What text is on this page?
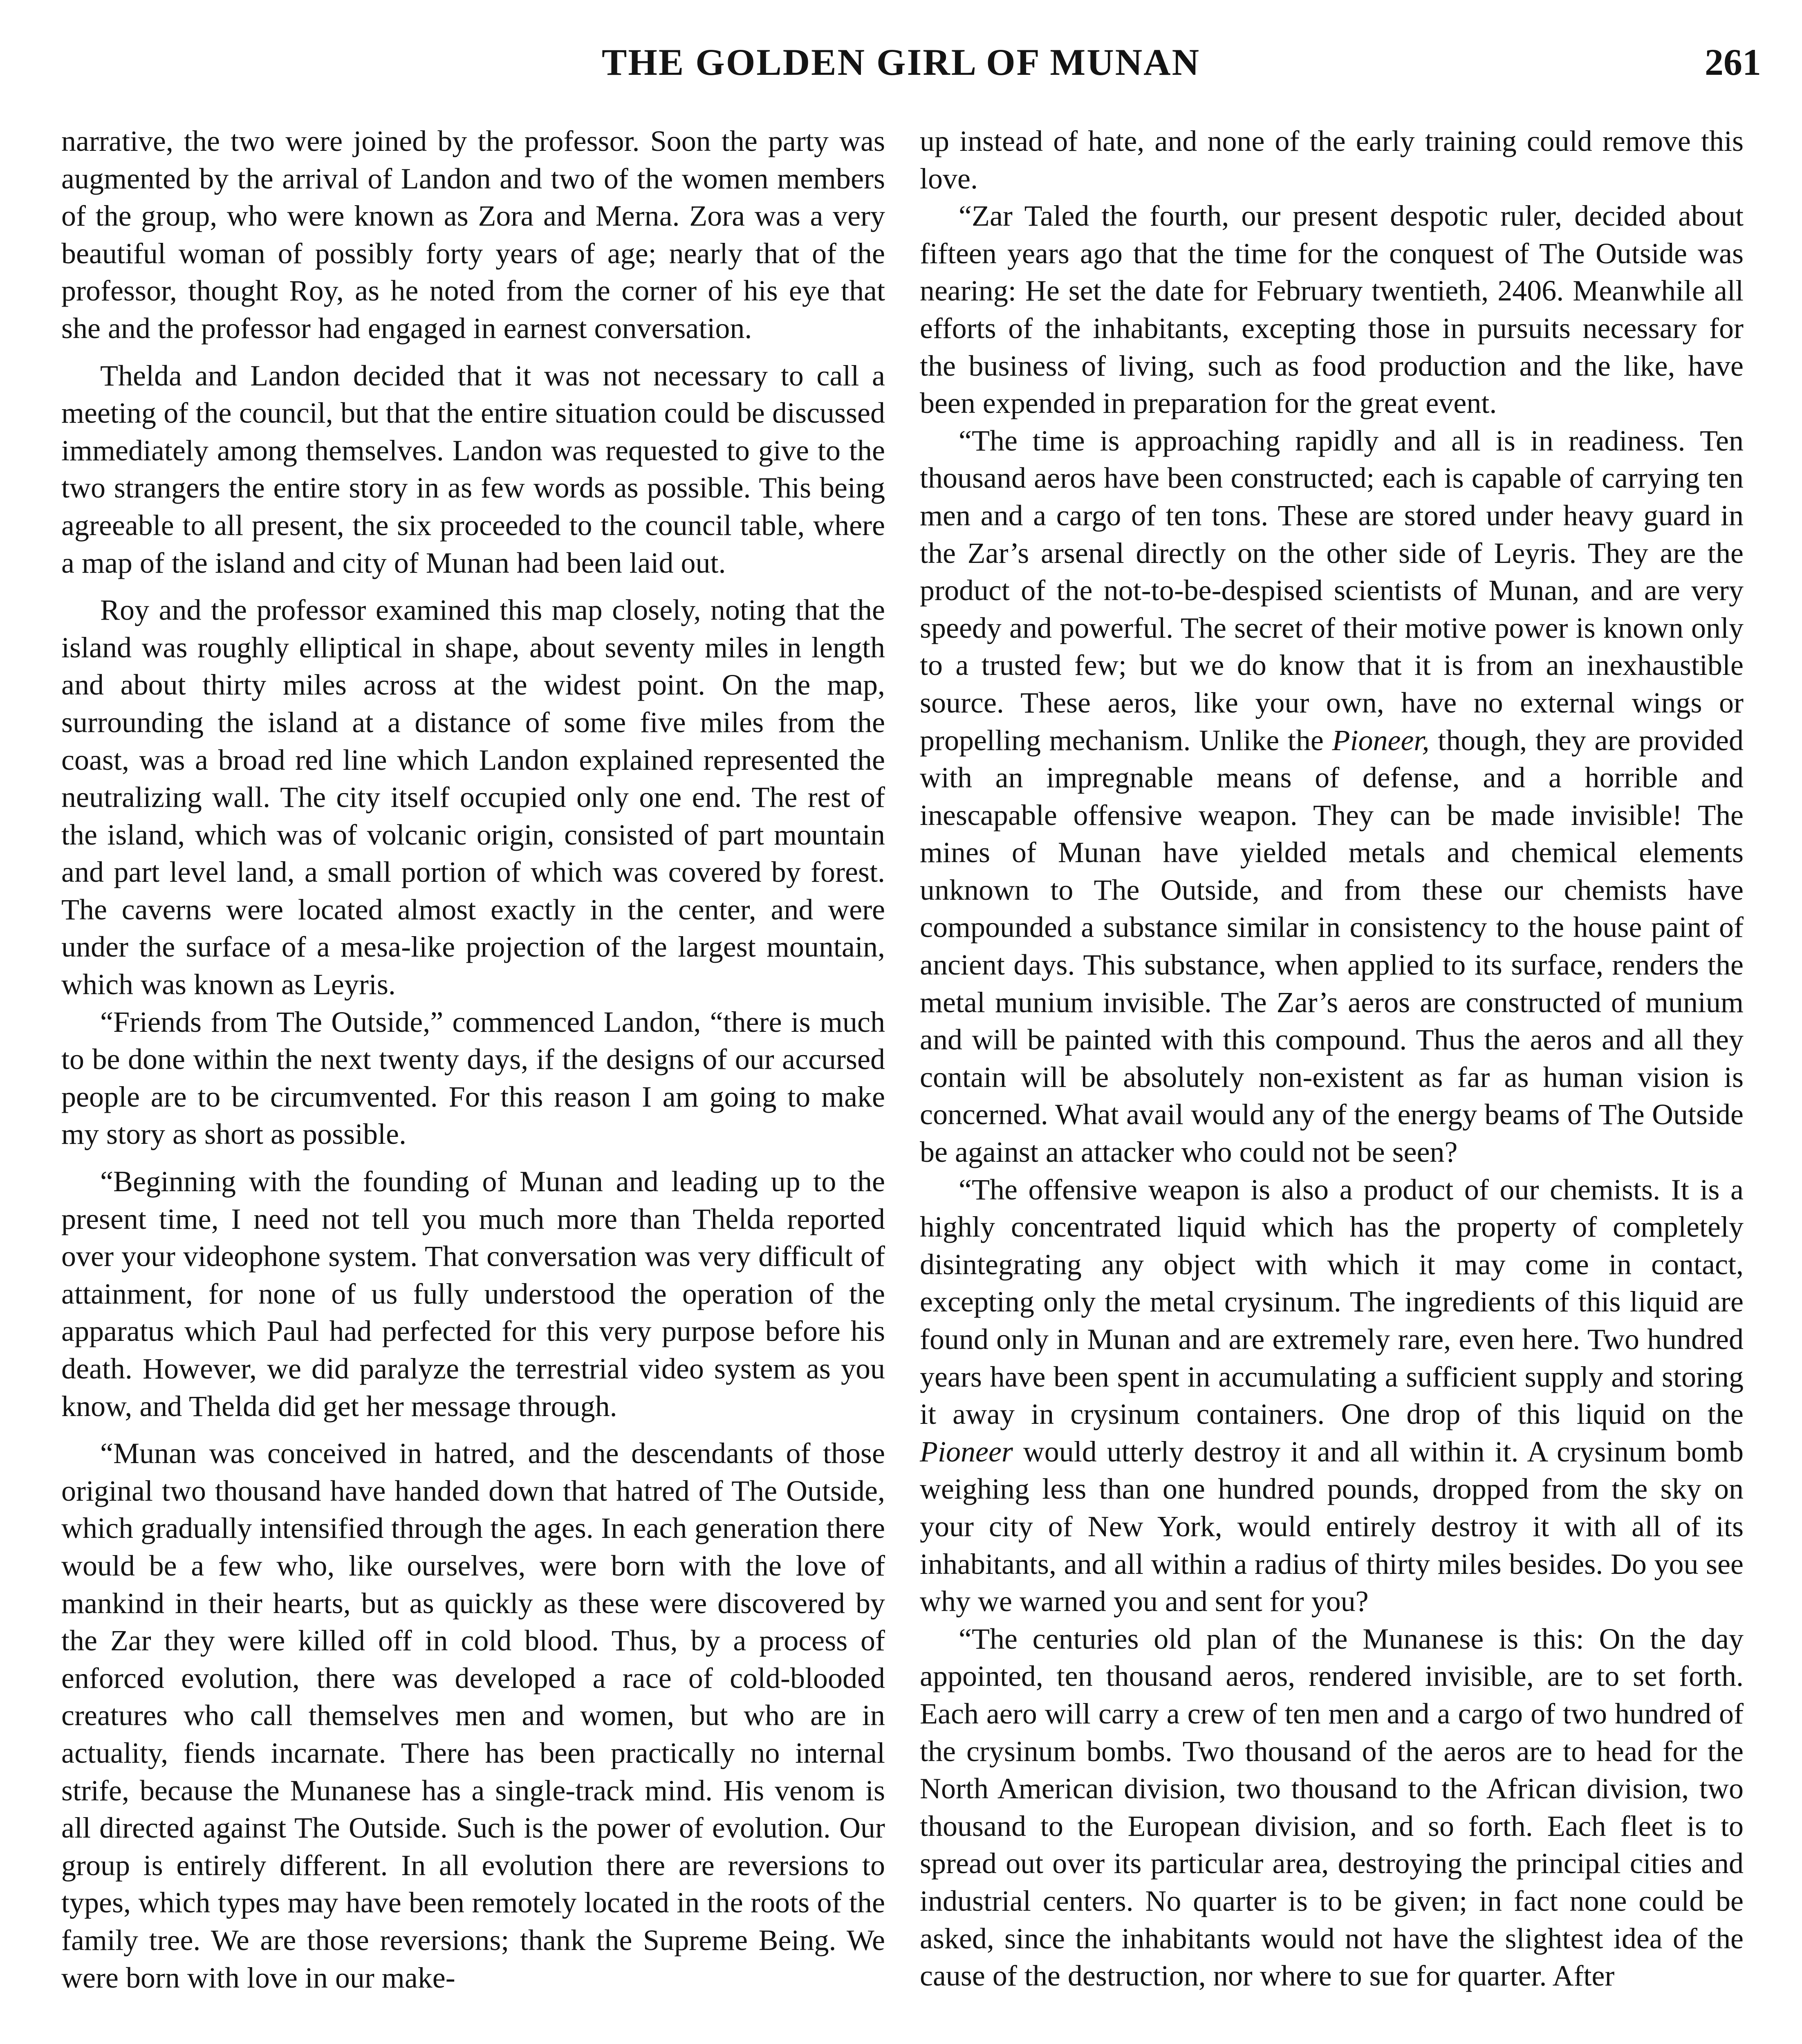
THE GOLDEN GIRL OF MUNAN	261

narrative, the two were joined by the professor. Soon the party was augmented by the arrival of Landon and two of the women members of the group, who were known as Zora and Merna. Zora was a very beautiful woman of possibly forty years of age; nearly that of the professor, thought Roy, as he noted from the corner of his eye that she and the professor had engaged in earnest conversation.

Thelda and Landon decided that it was not necessary to call a meeting of the council, but that the entire situation could be discussed immediately among themselves. Landon was requested to give to the two strangers the entire story in as few words as possible. This being agreeable to all present, the six proceeded to the council table, where a map of the island and city of Munan had been laid out.

Roy and the professor examined this map closely, noting that the island was roughly elliptical in shape, about seventy miles in length and about thirty miles across at the widest point. On the map, surrounding the island at a distance of some five miles from the coast, was a broad red line which Landon explained represented the neutralizing wall. The city itself occupied only one end. The rest of the island, which was of volcanic origin, consisted of part mountain and part level land, a small portion of which was covered by forest. The caverns were located almost exactly in the center, and were under the surface of a mesa-like projection of the largest mountain, which was known as Leyris.

“Friends from The Outside,” commenced Landon, “there is much to be done within the next twenty days, if the designs of our accursed people are to be circumvented. For this reason I am going to make my story as short as possible.

“Beginning with the founding of Munan and leading up to the present time, I need not tell you much more than Thelda reported over your videophone system. That conversation was very difficult of attainment, for none of us fully understood the operation of the apparatus which Paul had perfected for this very purpose before his death. However, we did paralyze the terrestrial video system as you know, and Thelda did get her message through.

“Munan was conceived in hatred, and the descendants of those original two thousand have handed down that hatred of The Outside, which gradually intensified through the ages. In each generation there would be a few who, like ourselves, were born with the love of mankind in their hearts, but as quickly as these were discovered by the Zar they were killed off in cold blood. Thus, by a process of enforced evolution, there was developed a race of cold-blooded creatures who call themselves men and women, but who are in actuality, fiends incarnate. There has been practically no internal strife, because the Munanese has a single-track mind. His venom is all directed against The Outside. Such is the power of evolution. Our group is entirely different. In all evolution there are reversions to types, which types may have been remotely located in the roots of the family tree. We are those reversions; thank the Supreme Being. We were born with love in our make-

up instead of hate, and none of the early training could remove this love.

“Zar Taled the fourth, our present despotic ruler, decided about fifteen years ago that the time for the conquest of The Outside was nearing: He set the date for February twentieth, 2406. Meanwhile all efforts of the inhabitants, excepting those in pursuits necessary for the business of living, such as food production and the like, have been expended in preparation for the great event.

“The time is approaching rapidly and all is in readiness. Ten thousand aeros have been constructed; each is capable of carrying ten men and a cargo of ten tons. These are stored under heavy guard in the Zar’s arsenal directly on the other side of Leyris. They are the product of the not-to-be-despised scientists of Munan, and are very speedy and powerful. The secret of their motive power is known only to a trusted few; but we do know that it is from an inexhaustible source. These aeros, like your own, have no external wings or propelling mechanism. Unlike the Pioneer, though, they are provided with an impregnable means of defense, and a horrible and inescapable offensive weapon. They can be made invisible! The mines of Munan have yielded metals and chemical elements unknown to The Outside, and from these our chemists have compounded a substance similar in consistency to the house paint of ancient days. This substance, when applied to its surface, renders the metal munium invisible. The Zar’s aeros are constructed of munium and will be painted with this compound. Thus the aeros and all they contain will be absolutely non-existent as far as human vision is concerned. What avail would any of the energy beams of The Outside be against an attacker who could not be seen?

“The offensive weapon is also a product of our chemists. It is a highly concentrated liquid which has the property of completely disintegrating any object with which it may come in contact, excepting only the metal crysinum. The ingredients of this liquid are found only in Munan and are extremely rare, even here. Two hundred years have been spent in accumulating a sufficient supply and storing it away in crysinum containers. One drop of this liquid on the Pioneer would utterly destroy it and all within it. A crysinum bomb weighing less than one hundred pounds, dropped from the sky on your city of New York, would entirely destroy it with all of its inhabitants, and all within a radius of thirty miles besides. Do you see why we warned you and sent for you?

“The centuries old plan of the Munanese is this: On the day appointed, ten thousand aeros, rendered invisible, are to set forth. Each aero will carry a crew of ten men and a cargo of two hundred of the crysinum bombs. Two thousand of the aeros are to head for the North American division, two thousand to the African division, two thousand to the European division, and so forth. Each fleet is to spread out over its particular area, destroying the principal cities and industrial centers. No quarter is to be given; in fact none could be asked, since the inhabitants would not have the slightest idea of the cause of the destruction, nor where to sue for quarter. After
